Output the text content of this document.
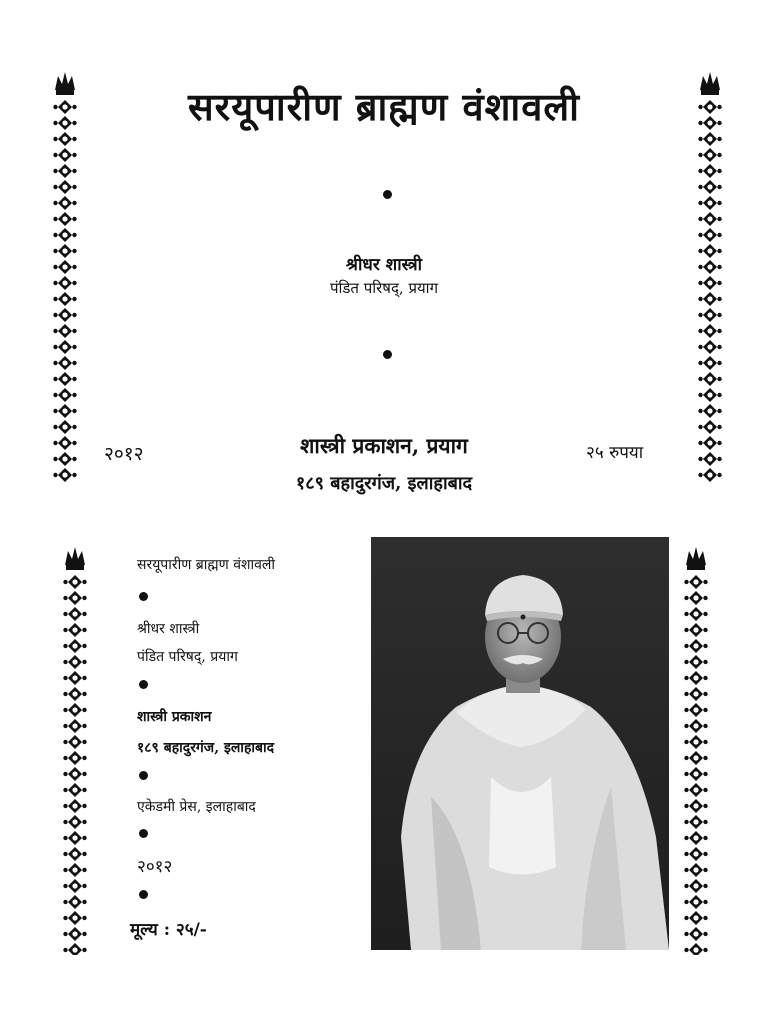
सरयूपारीण ब्राह्मण वंशावली
श्रीधर शास्त्री
पंडित परिषद्, प्रयाग
२०१२	शास्त्री प्रकाशन, प्रयाग	२५ रुपया
१८९ बहादुरगंज, इलाहाबाद
सरयूपारीण ब्राह्मण वंशावली
श्रीधर शास्त्री
पंडित परिषद्, प्रयाग
शास्त्री प्रकाशन
१८९ बहादुरगंज, इलाहाबाद
एकेडमी प्रेस, इलाहाबाद
२०१२
मूल्य : २५/-
